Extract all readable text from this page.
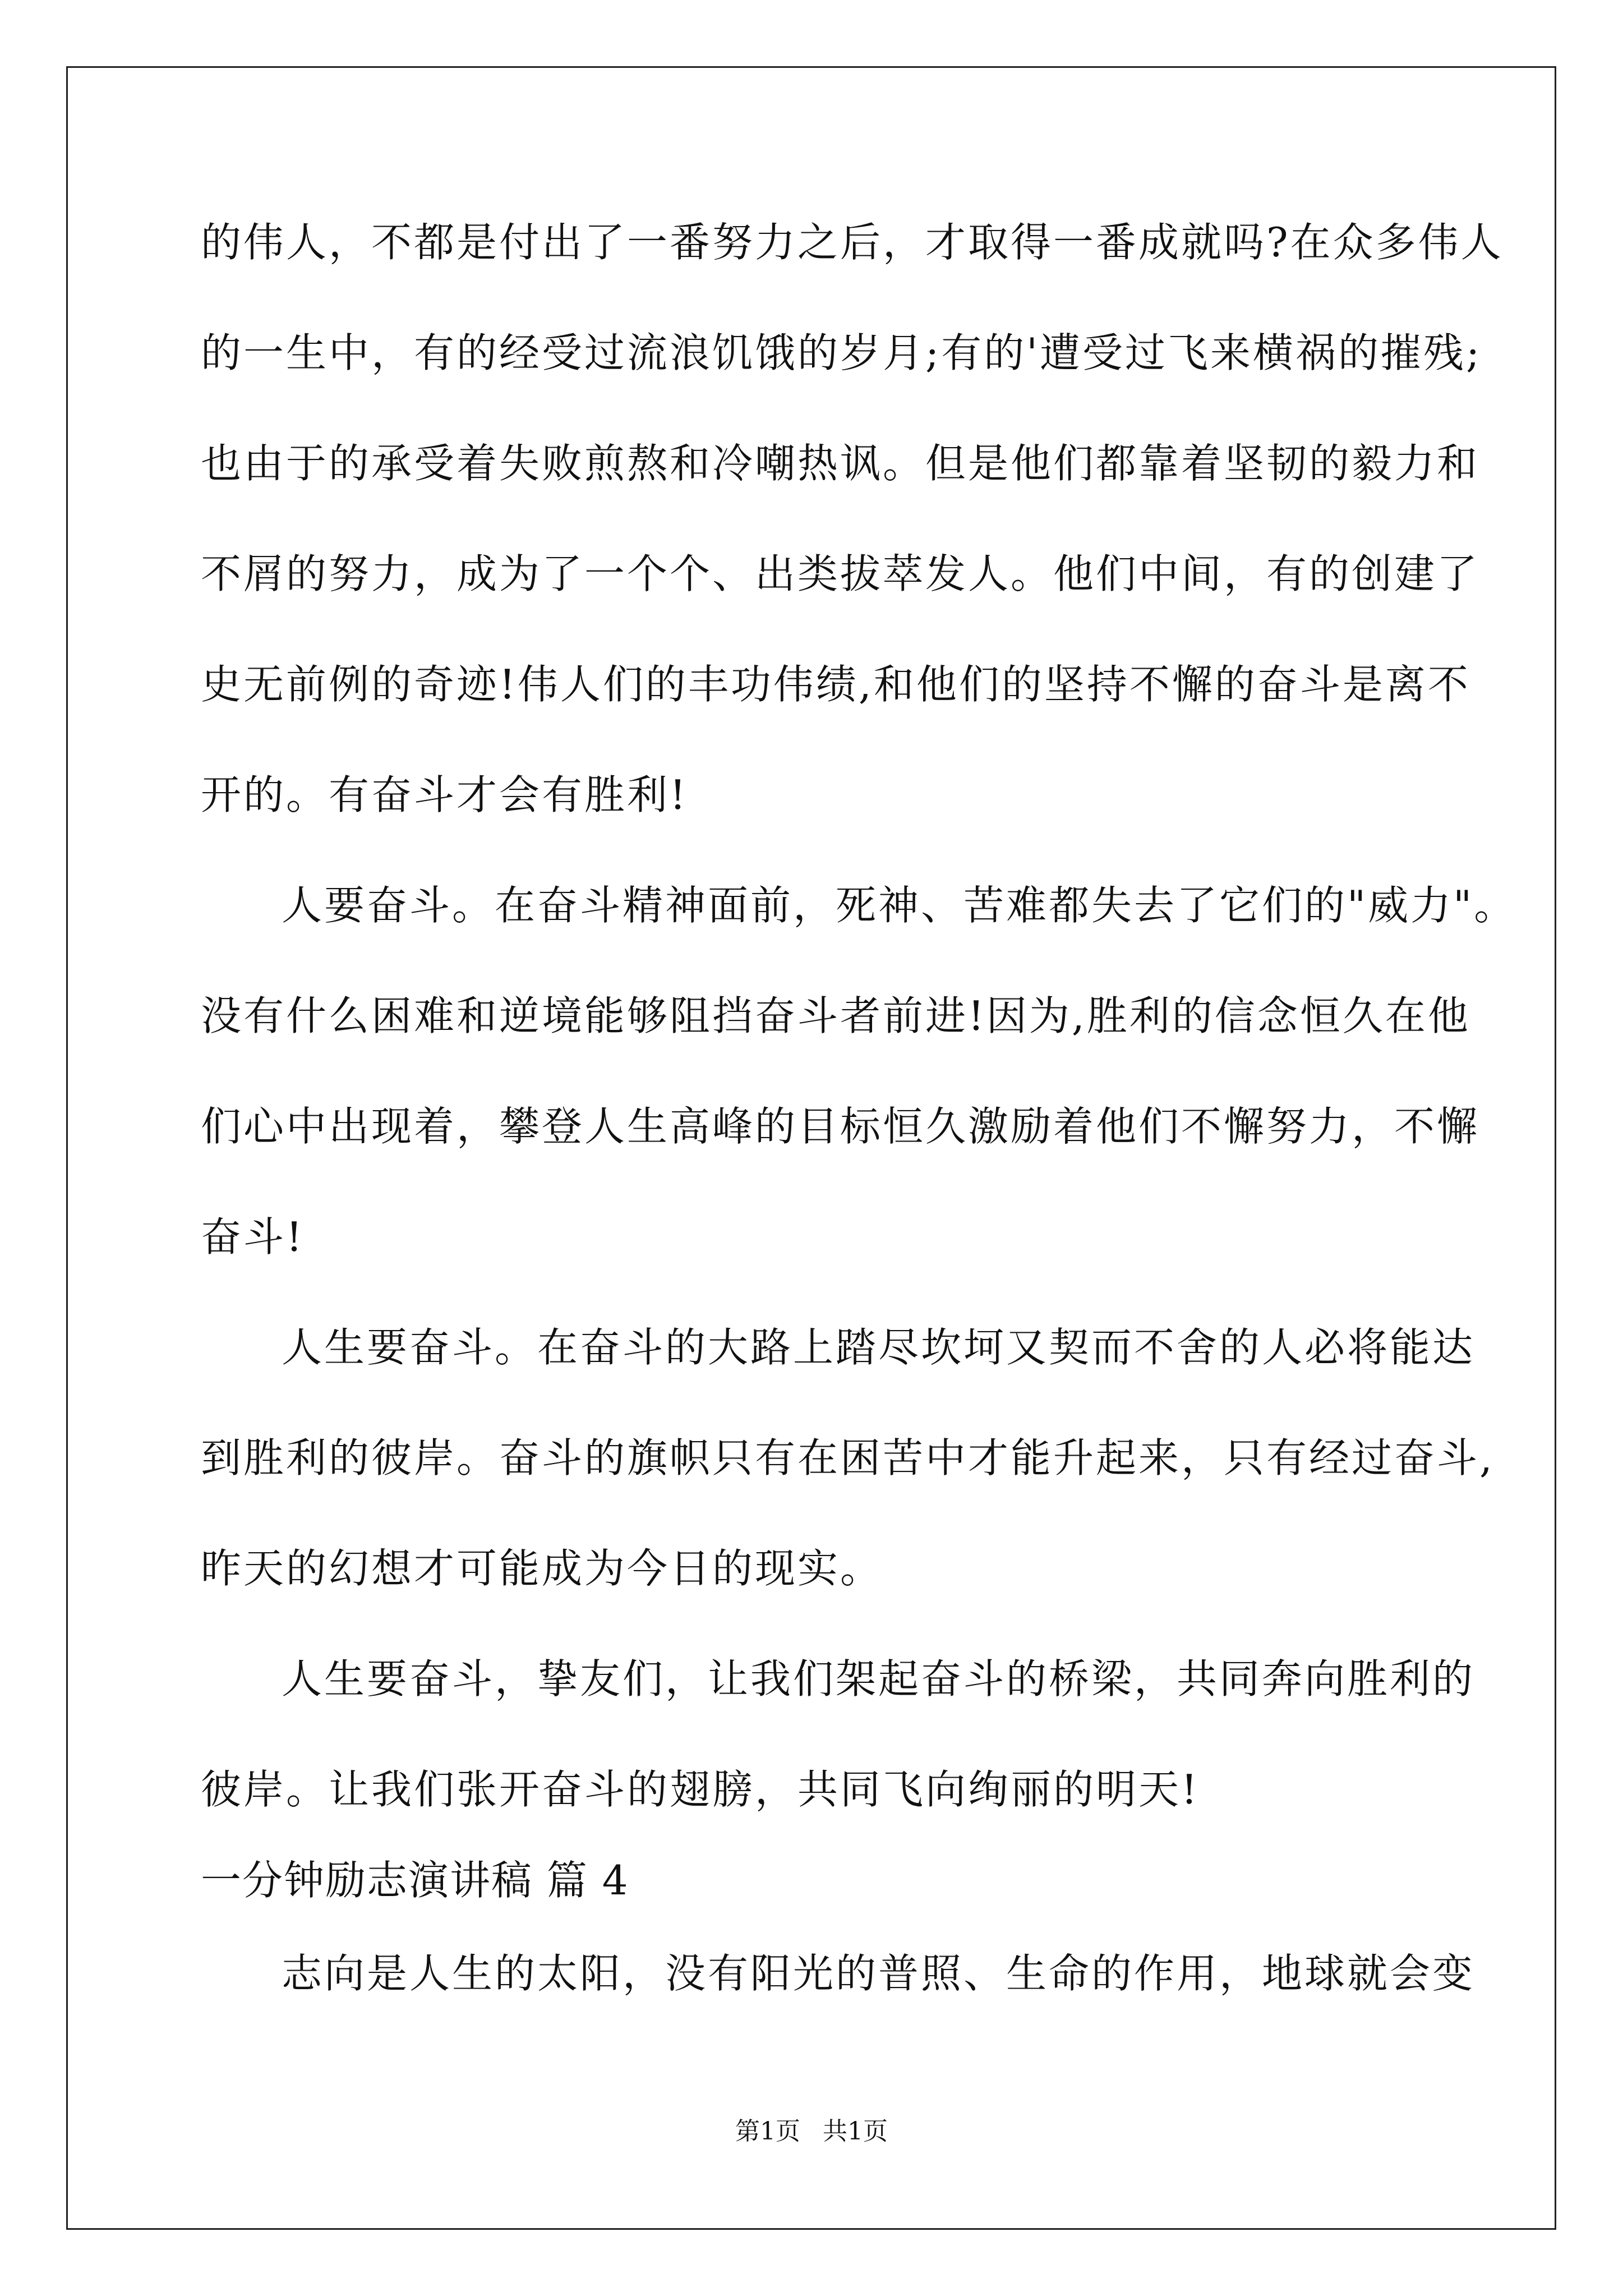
的伟人，不都是付出了一番努力之后，才取得一番成就吗?在众多伟人
的一生中，有的经受过流浪饥饿的岁月;有的'遭受过飞来横祸的摧残;
也由于的承受着失败煎熬和冷嘲热讽。但是他们都靠着坚韧的毅力和
不屑的努力，成为了一个个、出类拔萃发人。他们中间，有的创建了
史无前例的奇迹!伟人们的丰功伟绩,和他们的坚持不懈的奋斗是离不
开的。有奋斗才会有胜利!
人要奋斗。在奋斗精神面前，死神、苦难都失去了它们的"威力"。
没有什么困难和逆境能够阻挡奋斗者前进!因为,胜利的信念恒久在他
们心中出现着，攀登人生高峰的目标恒久激励着他们不懈努力，不懈
奋斗!
人生要奋斗。在奋斗的大路上踏尽坎坷又契而不舍的人必将能达
到胜利的彼岸。奋斗的旗帜只有在困苦中才能升起来，只有经过奋斗,
昨天的幻想才可能成为今日的现实。
人生要奋斗，挚友们，让我们架起奋斗的桥梁，共同奔向胜利的
彼岸。让我们张开奋斗的翅膀，共同飞向绚丽的明天!
一分钟励志演讲稿 篇 4
志向是人生的太阳，没有阳光的普照、生命的作用，地球就会变
第1页 共1页
